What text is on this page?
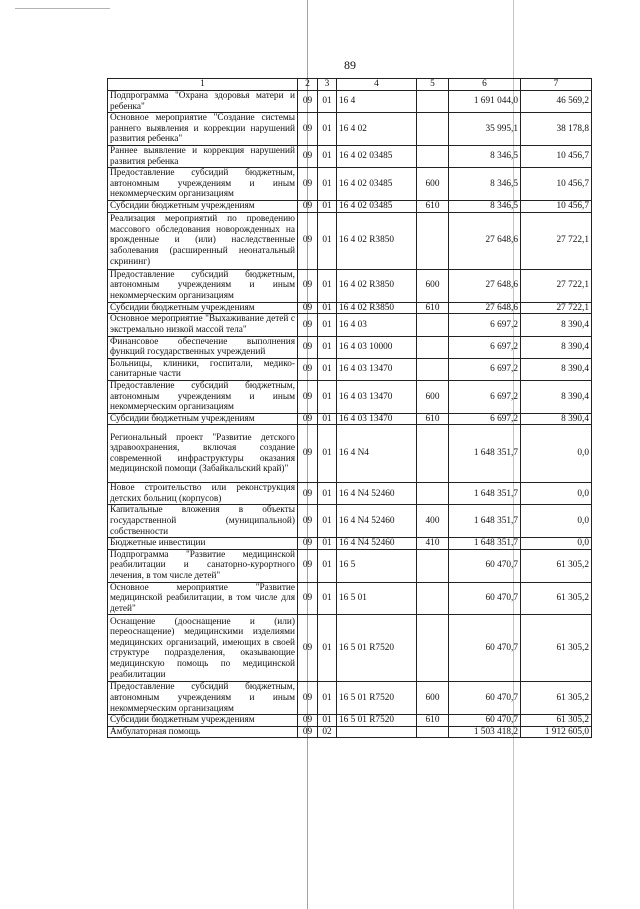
89
1	2	3	4	5	6	7
Подпрограмма "Охрана здоровья матери и ребенка"	09	01	16 4		1 691 044,0	46 569,2
Основное мероприятие "Создание системы раннего выявления и коррекции нарушений развития ребенка"	09	01	16 4 02		35 995,1	38 178,8
Раннее выявление и коррекция нарушений развития ребенка	09	01	16 4 02 03485		8 346,5	10 456,7
Предоставление субсидий бюджетным, автономным учреждениям и иным некоммерческим организациям	09	01	16 4 02 03485	600	8 346,5	10 456,7
Субсидии бюджетным учреждениям	09	01	16 4 02 03485	610	8 346,5	10 456,7
Реализация мероприятий по проведению массового обследования новорожденных на врожденные и (или) наследственные заболевания (расширенный неонатальный скрининг)	09	01	16 4 02 R3850		27 648,6	27 722,1
Предоставление субсидий бюджетным, автономным учреждениям и иным некоммерческим организациям	09	01	16 4 02 R3850	600	27 648,6	27 722,1
Субсидии бюджетным учреждениям	09	01	16 4 02 R3850	610	27 648,6	27 722,1
Основное мероприятие "Выхаживание детей с экстремально низкой массой тела"	09	01	16 4 03		6 697,2	8 390,4
Финансовое обеспечение выполнения функций государственных учреждений	09	01	16 4 03 10000		6 697,2	8 390,4
Больницы, клиники, госпитали, медико-санитарные части	09	01	16 4 03 13470		6 697,2	8 390,4
Предоставление субсидий бюджетным, автономным учреждениям и иным некоммерческим организациям	09	01	16 4 03 13470	600	6 697,2	8 390,4
Субсидии бюджетным учреждениям	09	01	16 4 03 13470	610	6 697,2	8 390,4
Региональный проект "Развитие детского здравоохранения, включая создание современной инфраструктуры оказания медицинской помощи (Забайкальский край)"	09	01	16 4 N4		1 648 351,7	0,0
Новое строительство или реконструкция детских больниц (корпусов)	09	01	16 4 N4 52460		1 648 351,7	0,0
Капитальные вложения в объекты государственной (муниципальной) собственности	09	01	16 4 N4 52460	400	1 648 351,7	0,0
Бюджетные инвестиции	09	01	16 4 N4 52460	410	1 648 351,7	0,0
Подпрограмма "Развитие медицинской реабилитации и санаторно-курортного лечения, в том числе детей"	09	01	16 5		60 470,7	61 305,2
Основное мероприятие "Развитие медицинской реабилитации, в том числе для детей"	09	01	16 5 01		60 470,7	61 305,2
Оснащение (дооснащение и (или) переоснащение) медицинскими изделиями медицинских организаций, имеющих в своей структуре подразделения, оказывающие медицинскую помощь по медицинской реабилитации	09	01	16 5 01 R7520		60 470,7	61 305,2
Предоставление субсидий бюджетным, автономным учреждениям и иным некоммерческим организациям	09	01	16 5 01 R7520	600	60 470,7	61 305,2
Субсидии бюджетным учреждениям	09	01	16 5 01 R7520	610	60 470,7	61 305,2
Амбулаторная помощь	09	02			1 503 418,2	1 912 605,0
